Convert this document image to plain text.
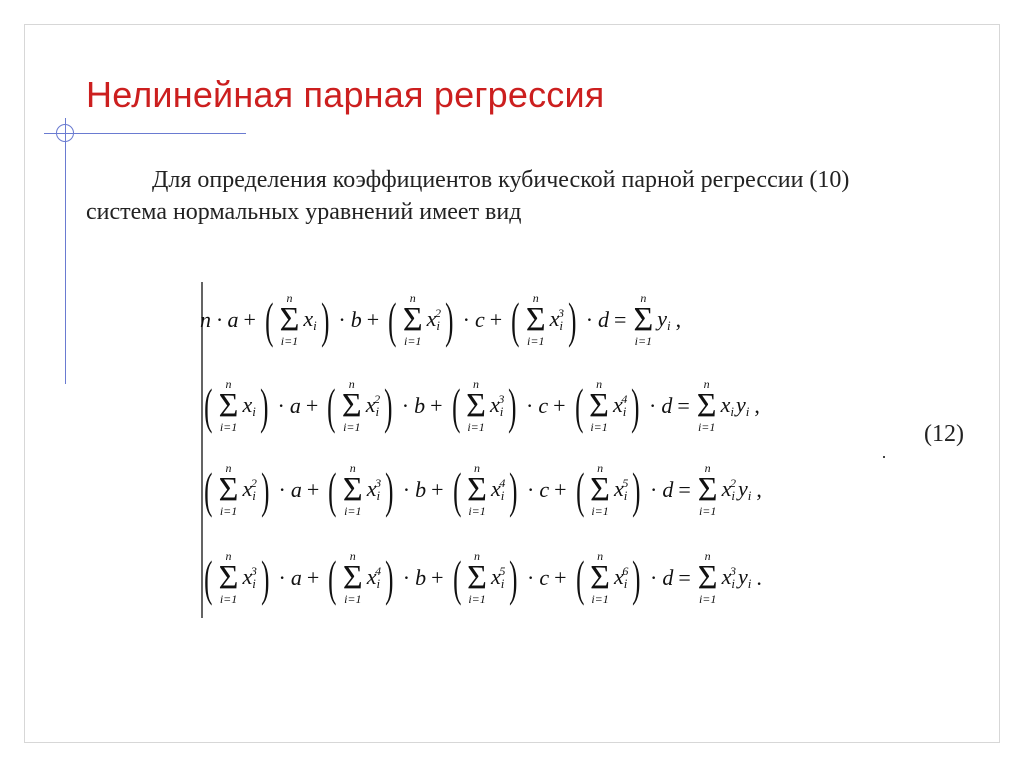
Нелинейная парная регрессия
Для определения коэффициентов кубической парной регрессии (10)
система нормальных уравнений имеет вид
n · a + ( n
Σ
i=1
$x_i$ ) · b + ( n
Σ
i=1
$x_i^2$ ) · c + ( n
Σ
i=1
$x_i^3$ ) · d =
n
Σ
i=1
$y_i$ ,
( n
Σ
i=1
$x_i$ ) · a + ( n
Σ
i=1
$x_i^2$ ) · b + ( n
Σ
i=1
$x_i^3$ ) · c + ( n
Σ
i=1
$x_i^4$ ) · d =
n
Σ
i=1
$x_i$ $y_i$ ,
( n
Σ
i=1
$x_i^2$ ) · a + ( n
Σ
i=1
$x_i^3$ ) · b + ( n
Σ
i=1
$x_i^4$ ) · c + ( n
Σ
i=1
$x_i^5$ ) · d =
n
Σ
i=1
$x_i^2$ $y_i$ ,
( n
Σ
i=1
$x_i^3$ ) · a + ( n
Σ
i=1
$x_i^4$ ) · b + ( n
Σ
i=1
$x_i^5$ ) · c + ( n
Σ
i=1
$x_i^6$ ) · d =
n
Σ
i=1
$x_i^3$ $y_i$ .
(12)
